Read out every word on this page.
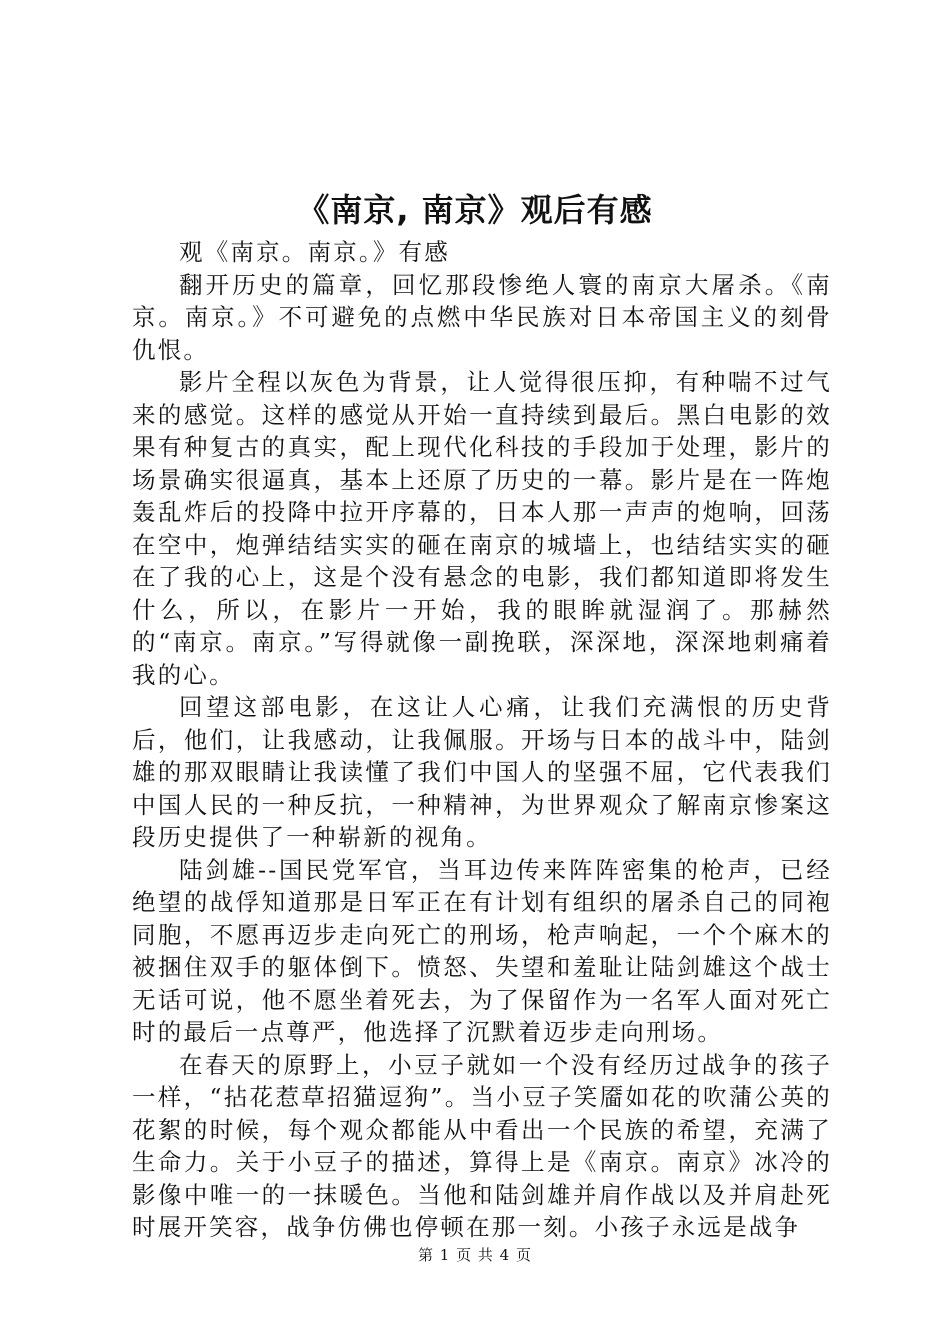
《南京, 南京》观后有感

观《南京。南京。》有感

翻开历史的篇章，回忆那段惨绝人寰的南京大屠杀。《南京。南京。》不可避免的点燃中华民族对日本帝国主义的刻骨仇恨。

影片全程以灰色为背景，让人觉得很压抑，有种喘不过气来的感觉。这样的感觉从开始一直持续到最后。黑白电影的效果有种复古的真实，配上现代化科技的手段加于处理，影片的场景确实很逼真，基本上还原了历史的一幕。影片是在一阵炮轰乱炸后的投降中拉开序幕的，日本人那一声声的炮响，回荡在空中，炮弹结结实实的砸在南京的城墙上，也结结实实的砸在了我的心上，这是个没有悬念的电影，我们都知道即将发生什么，所以，在影片一开始，我的眼眸就湿润了。那赫然的“南京。南京。”写得就像一副挽联，深深地，深深地刺痛着我的心。

回望这部电影，在这让人心痛，让我们充满恨的历史背后，他们，让我感动，让我佩服。开场与日本的战斗中，陆剑雄的那双眼睛让我读懂了我们中国人的坚强不屈，它代表我们中国人民的一种反抗，一种精神，为世界观众了解南京惨案这段历史提供了一种崭新的视角。

陆剑雄--国民党军官，当耳边传来阵阵密集的枪声，已经绝望的战俘知道那是日军正在有计划有组织的屠杀自己的同袍同胞，不愿再迈步走向死亡的刑场，枪声响起，一个个麻木的被捆住双手的躯体倒下。愤怒、失望和羞耻让陆剑雄这个战士无话可说，他不愿坐着死去，为了保留作为一名军人面对死亡时的最后一点尊严，他选择了沉默着迈步走向刑场。

在春天的原野上，小豆子就如一个没有经历过战争的孩子一样，“拈花惹草招猫逗狗”。当小豆子笑靥如花的吹蒲公英的花絮的时候，每个观众都能从中看出一个民族的希望，充满了生命力。关于小豆子的描述，算得上是《南京。南京》冰冷的影像中唯一的一抹暖色。当他和陆剑雄并肩作战以及并肩赴死时展开笑容，战争仿佛也停顿在那一刻。小孩子永远是战争

第 1 页 共 4 页
